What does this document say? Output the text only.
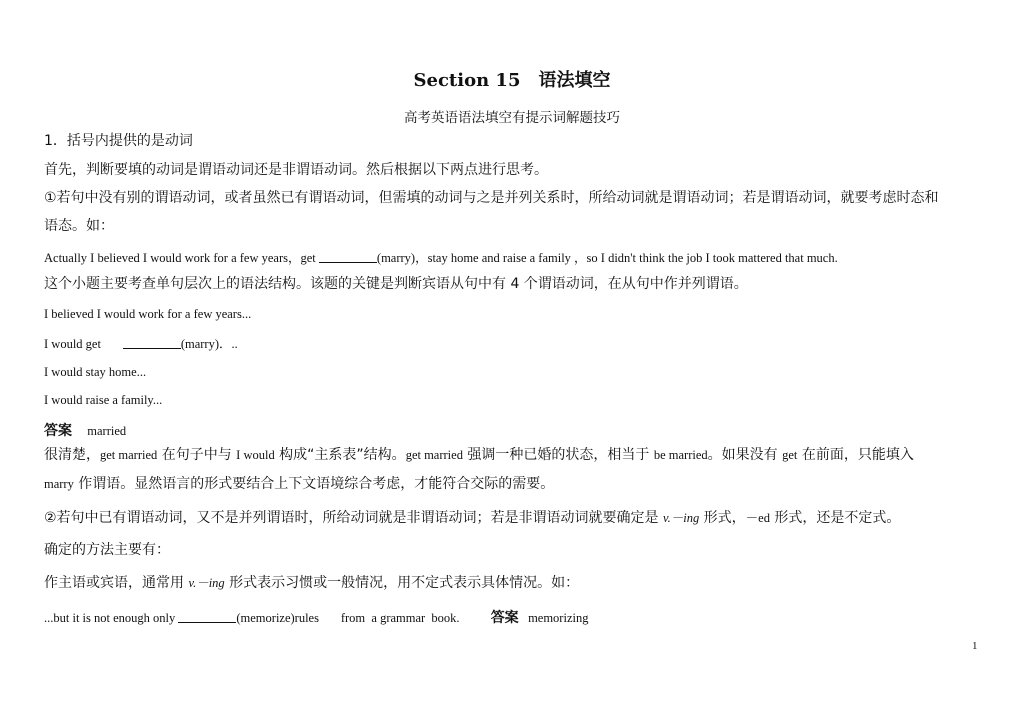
Section 15　语法填空
高考英语语法填空有提示词解题技巧
1．括号内提供的是动词
首先，判断要填的动词是谓语动词还是非谓语动词。然后根据以下两点进行思考。
①若句中没有别的谓语动词，或者虽然已有谓语动词，但需填的动词与之是并列关系时，所给动词就是谓语动词；若是谓语动词，就要考虑时态和
语态。如：
Actually I believed I would work for a few years，get	(marry)，stay home and raise a family ，so I didn't think the job I took mattered that much.
这个小题主要考查单句层次上的语法结构。该题的关键是判断宾语从句中有 4 个谓语动词，在从句中作并列谓语。
I believed I would work for a few years...
I would get	(marry)．..
I would stay home...
I would raise a family...
答案 married
很清楚，get married 在句子中与 I would 构成“主系表”结构。get married 强调一种已婚的状态，相当于 be married。如果没有 get 在前面，只能填入
marry 作谓语。显然语言的形式要结合上下文语境综合考虑，才能符合交际的需要。
②若句中已有谓语动词，又不是并列谓语时，所给动词就是非谓语动词；若是非谓语动词就要确定是 v.－ing 形式，－ed 形式，还是不定式。
确定的方法主要有：
作主语或宾语，通常用 v.－ing 形式表示习惯或一般情况，用不定式表示具体情况。如：
...but it is not enough only	(memorize)rules       from  a grammar  book. 答案 memorizing
1
